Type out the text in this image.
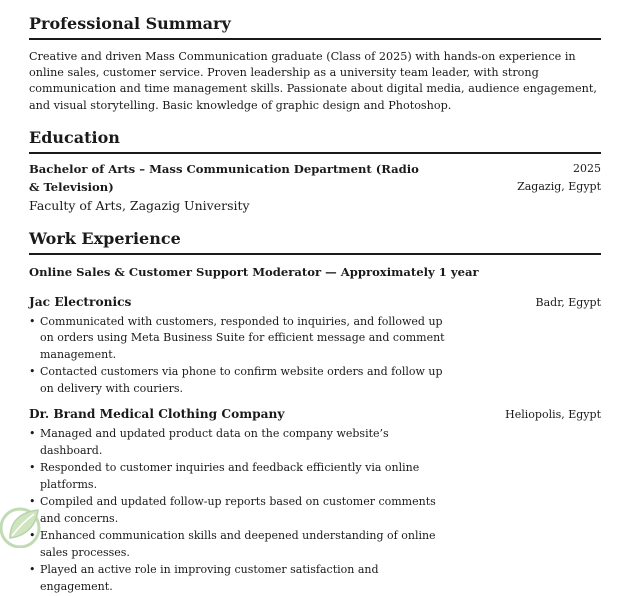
Professional Summary

Creative and driven Mass Communication graduate (Class of 2025) with hands-on experience in online sales, customer service. Proven leadership as a university team leader, with strong communication and time management skills. Passionate about digital media, audience engagement, and visual storytelling. Basic knowledge of graphic design and Photoshop.

Education
Bachelor of Arts – Mass Communication Department (Radio & Television)
2025
Zagazig, Egypt
Faculty of Arts, Zagazig University
Work Experience
Online Sales & Customer Support Moderator — Approximately 1 year
Jac Electronics	Badr, Egypt
• Communicated with customers, responded to inquiries, and followed up on orders using Meta Business Suite for efficient message and comment management.
• Contacted customers via phone to confirm website orders and follow up on delivery with couriers.
Dr. Brand Medical Clothing Company	Heliopolis, Egypt
• Managed and updated product data on the company website’s dashboard.
• Responded to customer inquiries and feedback efficiently via online platforms.
• Compiled and updated follow-up reports based on customer comments and concerns.
• Enhanced communication skills and deepened understanding of online sales processes.
• Played an active role in improving customer satisfaction and engagement.
